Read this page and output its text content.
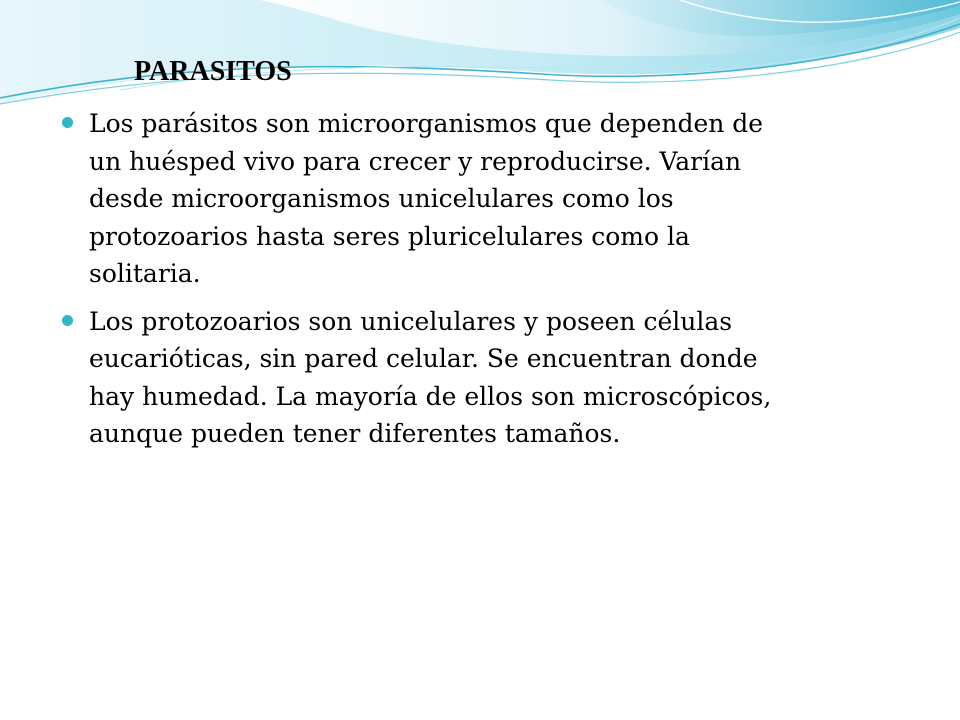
PARASITOS
Los parásitos son microorganismos que dependen de
un huésped vivo para crecer y reproducirse. Varían
desde microorganismos unicelulares como los
protozoarios hasta seres pluricelulares como la
solitaria.
Los protozoarios son unicelulares y poseen células
eucarióticas, sin pared celular. Se encuentran donde
hay humedad. La mayoría de ellos son microscópicos,
aunque pueden tener diferentes tamaños.
